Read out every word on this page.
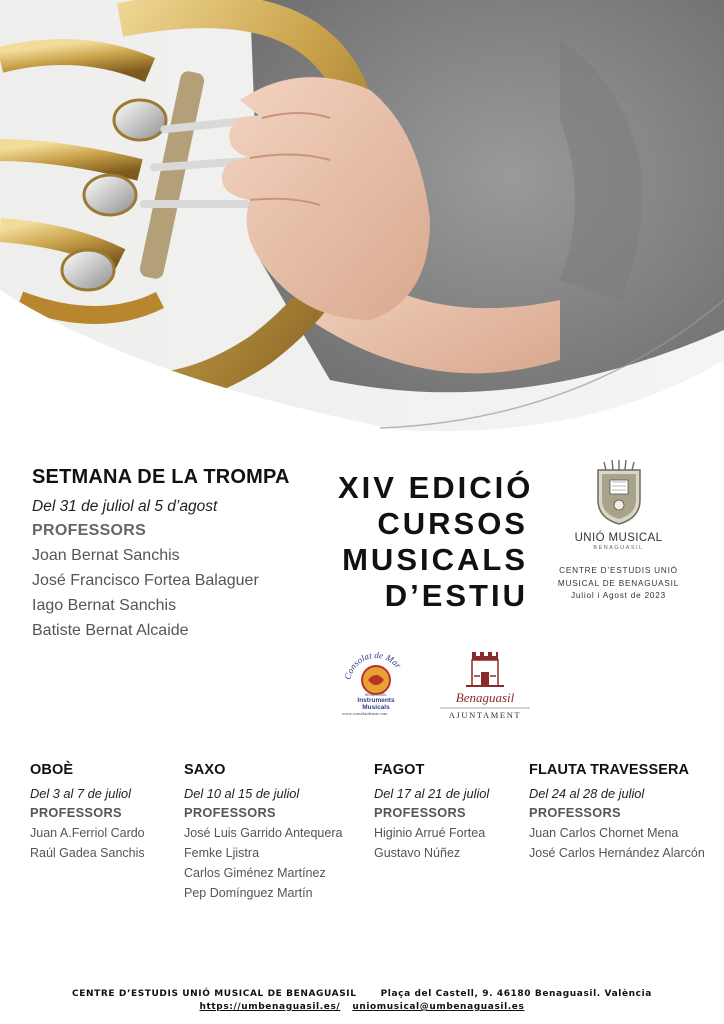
SETMANA DE LA TROMPA
Del 31 de juliol al 5 d’agost
PROFESSORS
Joan Bernat Sanchis
José Francisco Fortea Balaguer
Iago Bernat Sanchis
Batiste Bernat Alcaide
XIV EDICIÓ
CURSOS
MUSICALS
D’ESTIU
UNIÓ MUSICAL
BENAGUASIL
CENTRE D’ESTUDIS UNIÓ
MUSICAL DE BENAGUASIL
Juliol i Agost de 2023
Consolat de Mar
BENAGUASIL
Instruments
Musicals
www.consolatdemar.com
Benaguasil
AJUNTAMENT
OBOÈ
Del 3 al 7 de juliol
PROFESSORS
Juan A.Ferriol Cardo
Raúl Gadea Sanchis
SAXO
Del 10 al 15 de juliol
PROFESSORS
José Luis Garrido Antequera
Femke Ljistra
Carlos Giménez Martínez
Pep Domínguez Martín
FAGOT
Del 17 al 21 de juliol
PROFESSORS
Higinio Arrué Fortea
Gustavo Núñez
FLAUTA TRAVESSERA
Del 24 al 28 de juliol
PROFESSORS
Juan Carlos Chornet Mena
José Carlos Hernández Alarcón
CENTRE D’ESTUDIS UNIÓ MUSICAL DE BENAGUASIL	Plaça del Castell, 9. 46180 Benaguasil. València
https://umbenaguasil.es/ uniomusical@umbenaguasil.es
